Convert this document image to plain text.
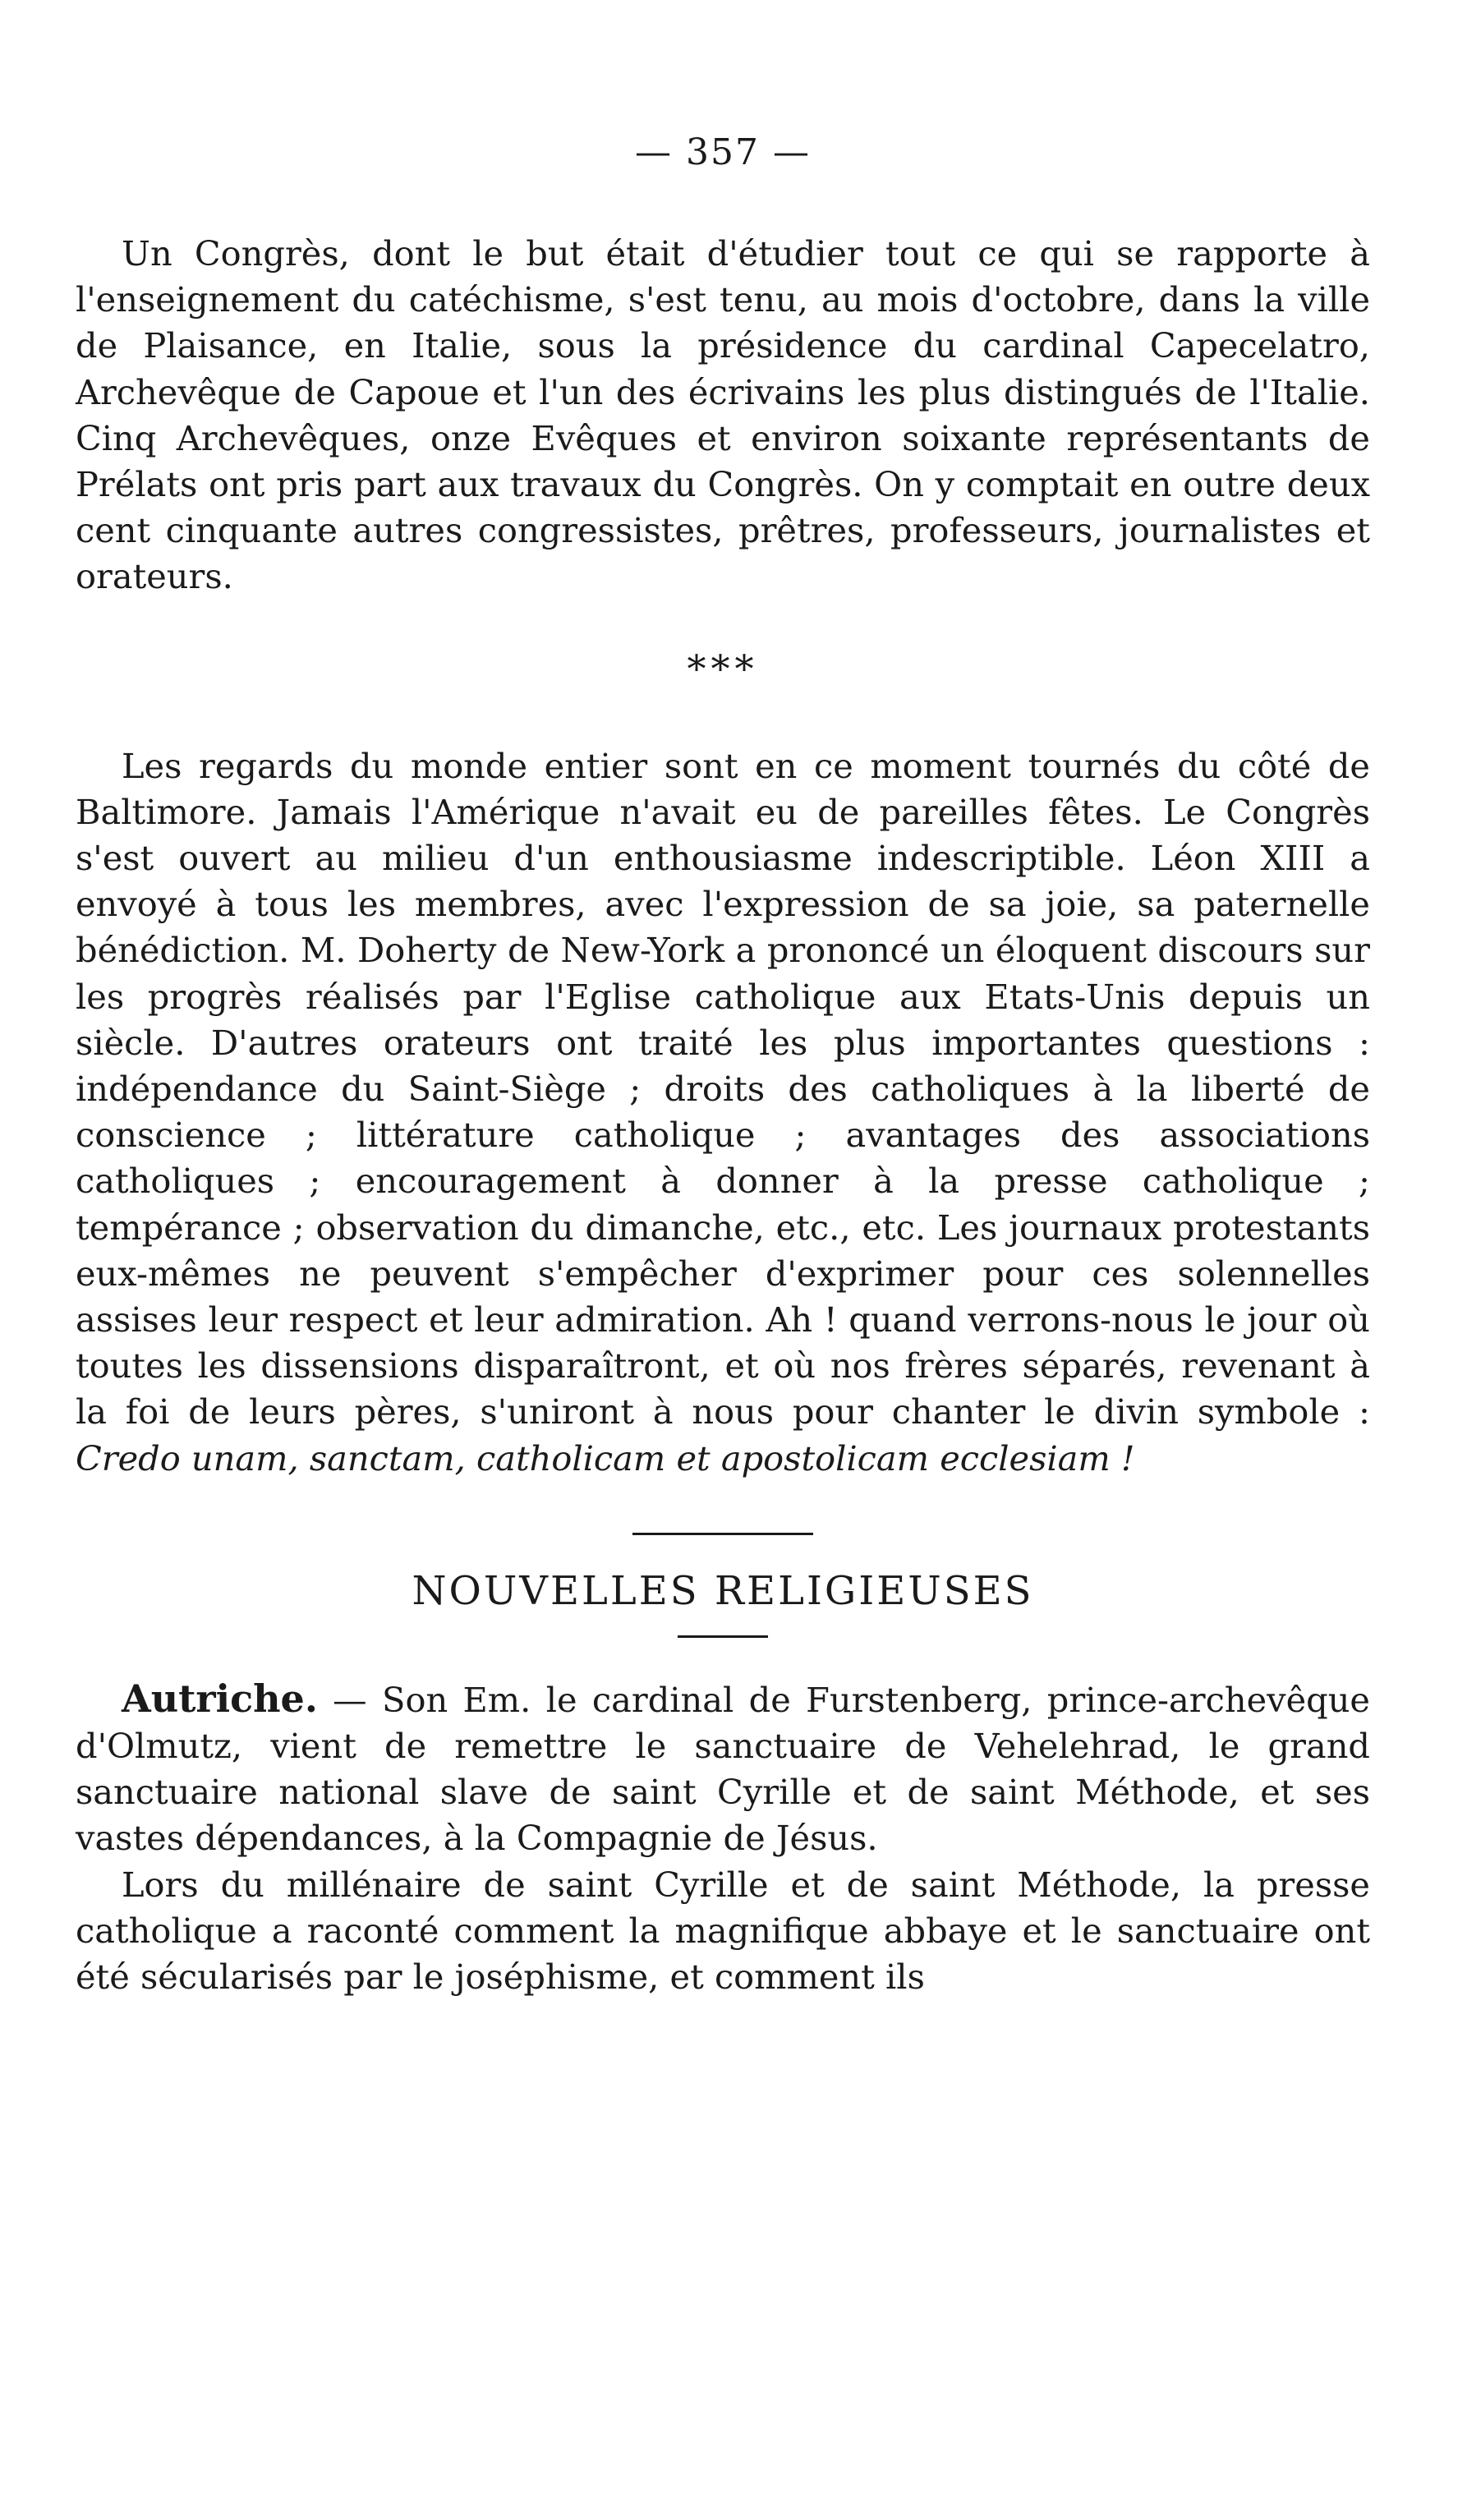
— 357 —

Un Congrès, dont le but était d'étudier tout ce qui se rapporte à l'enseignement du catéchisme, s'est tenu, au mois d'octobre, dans la ville de Plaisance, en Italie, sous la présidence du cardinal Capecelatro, Archevêque de Capoue et l'un des écrivains les plus distingués de l'Italie. Cinq Archevêques, onze Evêques et environ soixante représentants de Prélats ont pris part aux travaux du Congrès. On y comptait en outre deux cent cinquante autres congressistes, prêtres, professeurs, journalistes et orateurs.

***

Les regards du monde entier sont en ce moment tournés du côté de Baltimore. Jamais l'Amérique n'avait eu de pareilles fêtes. Le Congrès s'est ouvert au milieu d'un enthousiasme indescriptible. Léon XIII a envoyé à tous les membres, avec l'expression de sa joie, sa paternelle bénédiction. M. Doherty de New-York a prononcé un éloquent discours sur les progrès réalisés par l'Eglise catholique aux Etats-Unis depuis un siècle. D'autres orateurs ont traité les plus importantes questions : indépendance du Saint-Siège ; droits des catholiques à la liberté de conscience ; littérature catholique ; avantages des associations catholiques ; encouragement à donner à la presse catholique ; tempérance ; observation du dimanche, etc., etc. Les journaux protestants eux-mêmes ne peuvent s'empêcher d'exprimer pour ces solennelles assises leur respect et leur admiration. Ah ! quand verrons-nous le jour où toutes les dissensions disparaîtront, et où nos frères séparés, revenant à la foi de leurs pères, s'uniront à nous pour chanter le divin symbole : Credo unam, sanctam, catholicam et apostolicam ecclesiam !

NOUVELLES RELIGIEUSES

Autriche. — Son Em. le cardinal de Furstenberg, prince-archevêque d'Olmutz, vient de remettre le sanctuaire de Vehelehrad, le grand sanctuaire national slave de saint Cyrille et de saint Méthode, et ses vastes dépendances, à la Compagnie de Jésus.

Lors du millénaire de saint Cyrille et de saint Méthode, la presse catholique a raconté comment la magnifique abbaye et le sanctuaire ont été sécularisés par le joséphisme, et comment ils
